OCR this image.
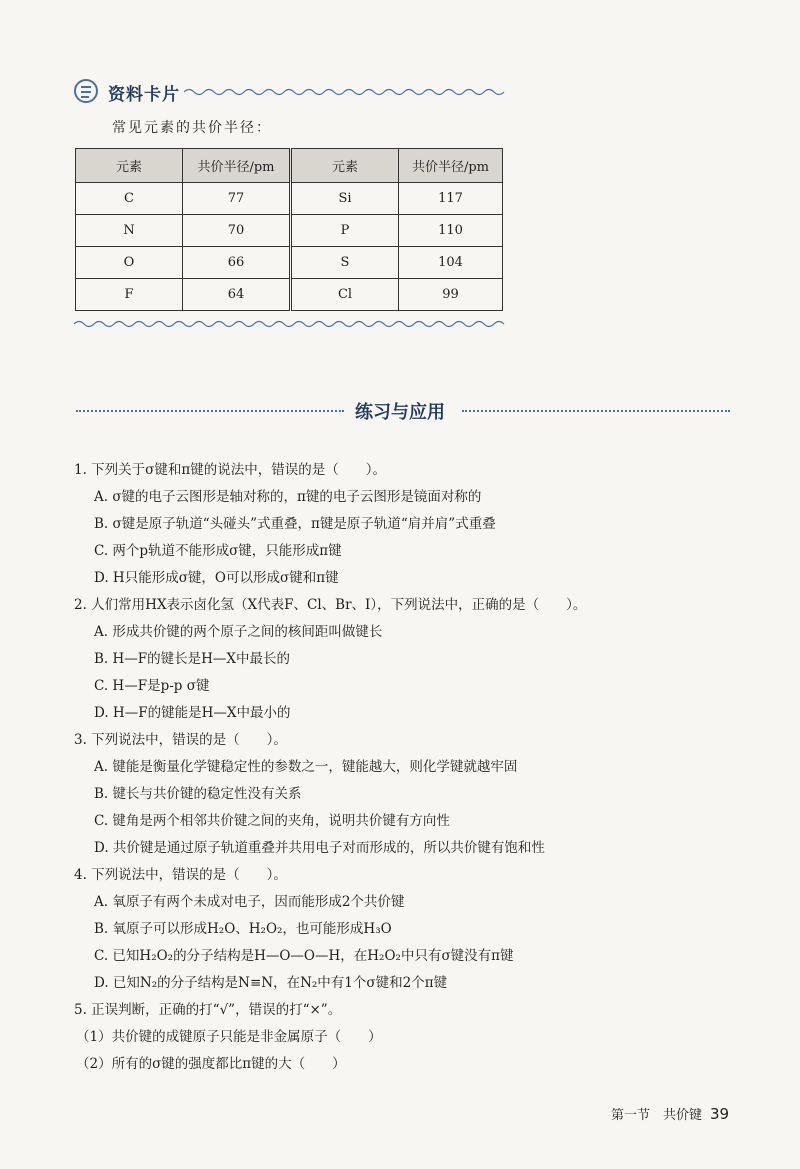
资料卡片
常见元素的共价半径：
元素	共价半径/pm	元素	共价半径/pm
C	77	Si	117
N	70	P	110
O	66	S	104
F	64	Cl	99
练习与应用
1. 下列关于σ键和π键的说法中，错误的是（　　）。
A. σ键的电子云图形是轴对称的，π键的电子云图形是镜面对称的
B. σ键是原子轨道“头碰头”式重叠，π键是原子轨道“肩并肩”式重叠
C. 两个p轨道不能形成σ键，只能形成π键
D. H只能形成σ键，O可以形成σ键和π键
2. 人们常用HX表示卤化氢（X代表F、Cl、Br、I），下列说法中，正确的是（　　）。
A. 形成共价键的两个原子之间的核间距叫做键长
B. H—F的键长是H—X中最长的
C. H—F是p-p σ键
D. H—F的键能是H—X中最小的
3. 下列说法中，错误的是（　　）。
A. 键能是衡量化学键稳定性的参数之一，键能越大，则化学键就越牢固
B. 键长与共价键的稳定性没有关系
C. 键角是两个相邻共价键之间的夹角，说明共价键有方向性
D. 共价键是通过原子轨道重叠并共用电子对而形成的，所以共价键有饱和性
4. 下列说法中，错误的是（　　）。
A. 氧原子有两个未成对电子，因而能形成2个共价键
B. 氧原子可以形成H₂O、H₂O₂，也可能形成H₃O
C. 已知H₂O₂的分子结构是H—O—O—H，在H₂O₂中只有σ键没有π键
D. 已知N₂的分子结构是N≡N，在N₂中有1个σ键和2个π键
5. 正误判断，正确的打“√”，错误的打“×”。
（1）共价键的成键原子只能是非金属原子（　　）
（2）所有的σ键的强度都比π键的大（　　）
第一节　共价键 39
